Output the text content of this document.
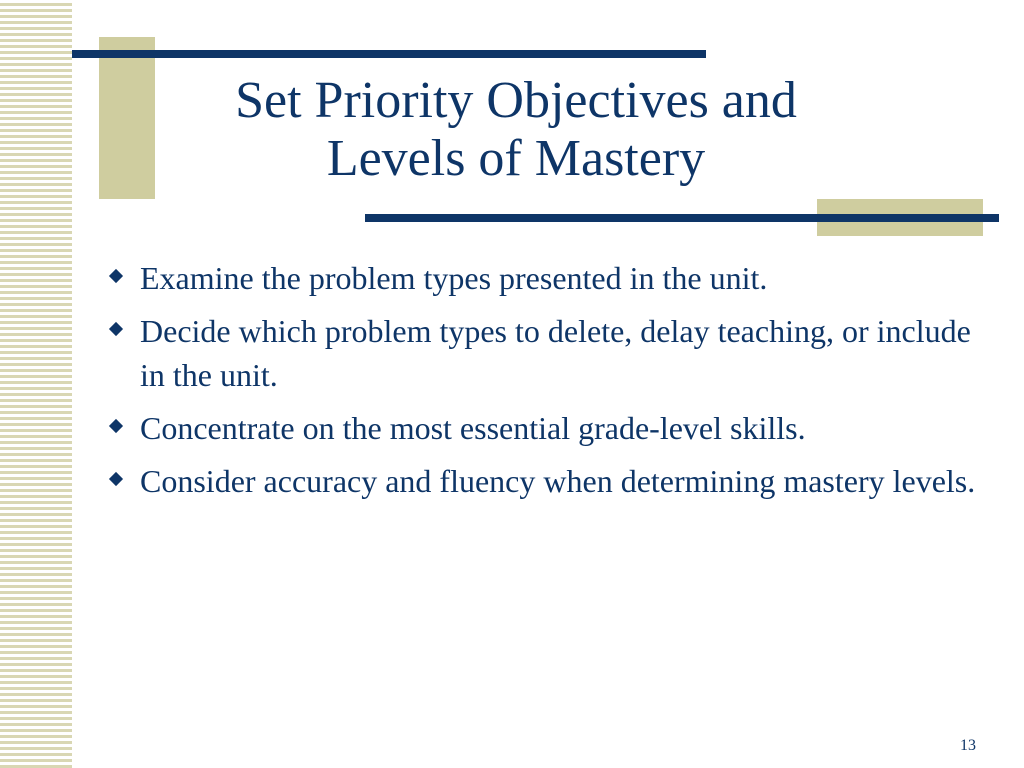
Set Priority Objectives and
Levels of Mastery
Examine the problem types presented in the unit.
Decide which problem types to delete, delay teaching, or include in the unit.
Concentrate on the most essential grade-level skills.
Consider accuracy and fluency when determining mastery levels.
13
